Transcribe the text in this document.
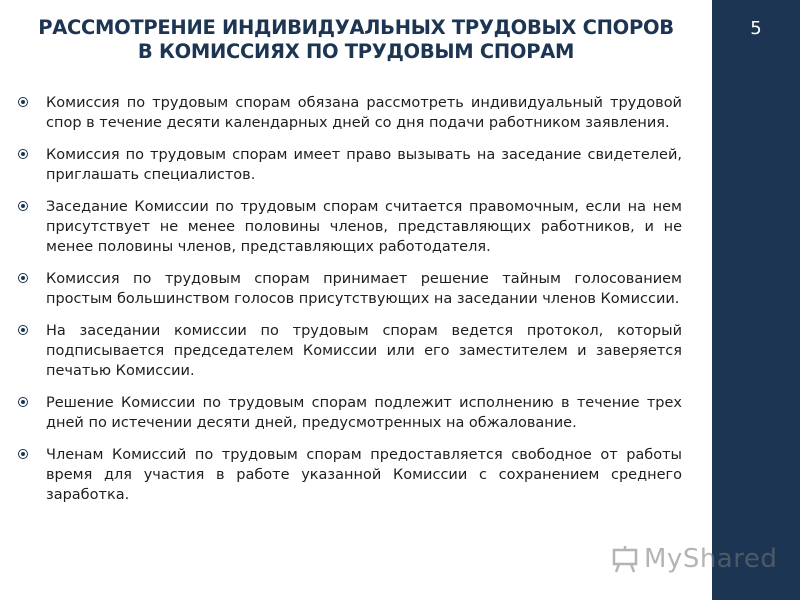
5
РАССМОТРЕНИЕ ИНДИВИДУАЛЬНЫХ ТРУДОВЫХ СПОРОВ
В КОМИССИЯХ ПО ТРУДОВЫМ СПОРАМ
Комиссия по трудовым спорам обязана рассмотреть индивидуальный трудовой спор в течение десяти календарных дней со дня подачи работником заявления.
Комиссия по трудовым спорам имеет право вызывать на заседание свидетелей, приглашать специалистов.
Заседание Комиссии по трудовым спорам считается правомочным, если на нем присутствует не менее половины членов, представляющих работников, и не менее половины членов, представляющих работодателя.
Комиссия по трудовым спорам принимает решение тайным голосованием простым большинством голосов присутствующих на заседании членов Комиссии.
На заседании комиссии по трудовым спорам ведется протокол, который подписывается председателем Комиссии или его заместителем и заверяется печатью Комиссии.
Решение Комиссии по трудовым спорам подлежит исполнению в течение трех дней по истечении десяти дней, предусмотренных на обжалование.
Членам Комиссий по трудовым спорам предоставляется свободное от работы время для участия в работе указанной Комиссии с сохранением среднего заработка.
MyShared
